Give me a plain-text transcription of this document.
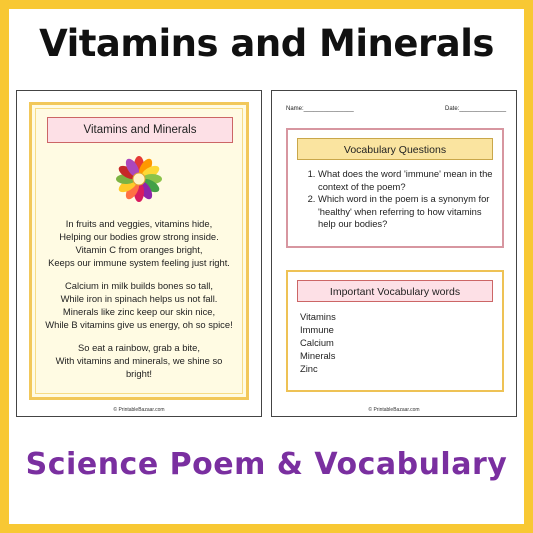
Vitamins and Minerals
Vitamins and Minerals
In fruits and veggies, vitamins hide,
Helping our bodies grow strong inside.
Vitamin C from oranges bright,
Keeps our immune system feeling just right.
Calcium in milk builds bones so tall,
While iron in spinach helps us not fall.
Minerals like zinc keep our skin nice,
While B vitamins give us energy, oh so spice!
So eat a rainbow, grab a bite,
With vitamins and minerals, we shine so
bright!
© PrintableBazaar.com
Name:_______________	Date:______________
Vocabulary Questions
1. What does the word 'immune' mean in the context of the poem?
2. Which word in the poem is a synonym for 'healthy' when referring to how vitamins help our bodies?
Important Vocabulary words
Vitamins
Immune
Calcium
Minerals
Zinc
© PrintableBazaar.com
Science Poem & Vocabulary
